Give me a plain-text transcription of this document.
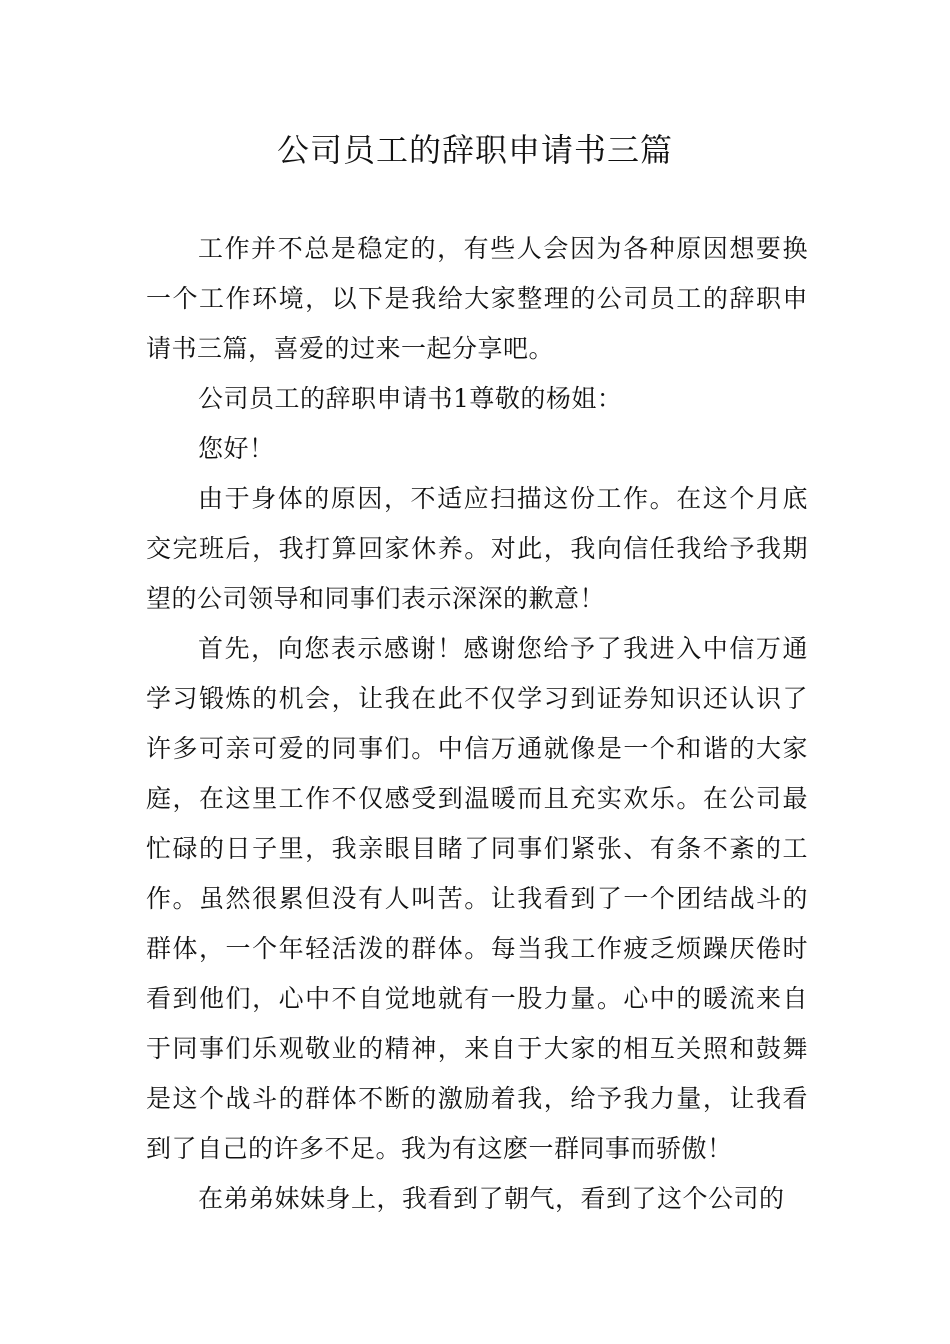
公司员工的辞职申请书三篇

工作并不总是稳定的，有些人会因为各种原因想要换一个工作环境，以下是我给大家整理的公司员工的辞职申请书三篇，喜爱的过来一起分享吧。

公司员工的辞职申请书1尊敬的杨姐：

您好！

由于身体的原因，不适应扫描这份工作。在这个月底交完班后，我打算回家休养。对此，我向信任我给予我期望的公司领导和同事们表示深深的歉意！

首先，向您表示感谢！感谢您给予了我进入中信万通学习锻炼的机会，让我在此不仅学习到证券知识还认识了许多可亲可爱的同事们。中信万通就像是一个和谐的大家庭，在这里工作不仅感受到温暖而且充实欢乐。在公司最忙碌的日子里，我亲眼目睹了同事们紧张、有条不紊的工作。虽然很累但没有人叫苦。让我看到了一个团结战斗的群体，一个年轻活泼的群体。每当我工作疲乏烦躁厌倦时看到他们，心中不自觉地就有一股力量。心中的暖流来自于同事们乐观敬业的精神，来自于大家的相互关照和鼓舞是这个战斗的群体不断的激励着我，给予我力量，让我看到了自己的许多不足。我为有这麽一群同事而骄傲！

在弟弟妹妹身上，我看到了朝气，看到了这个公司的
